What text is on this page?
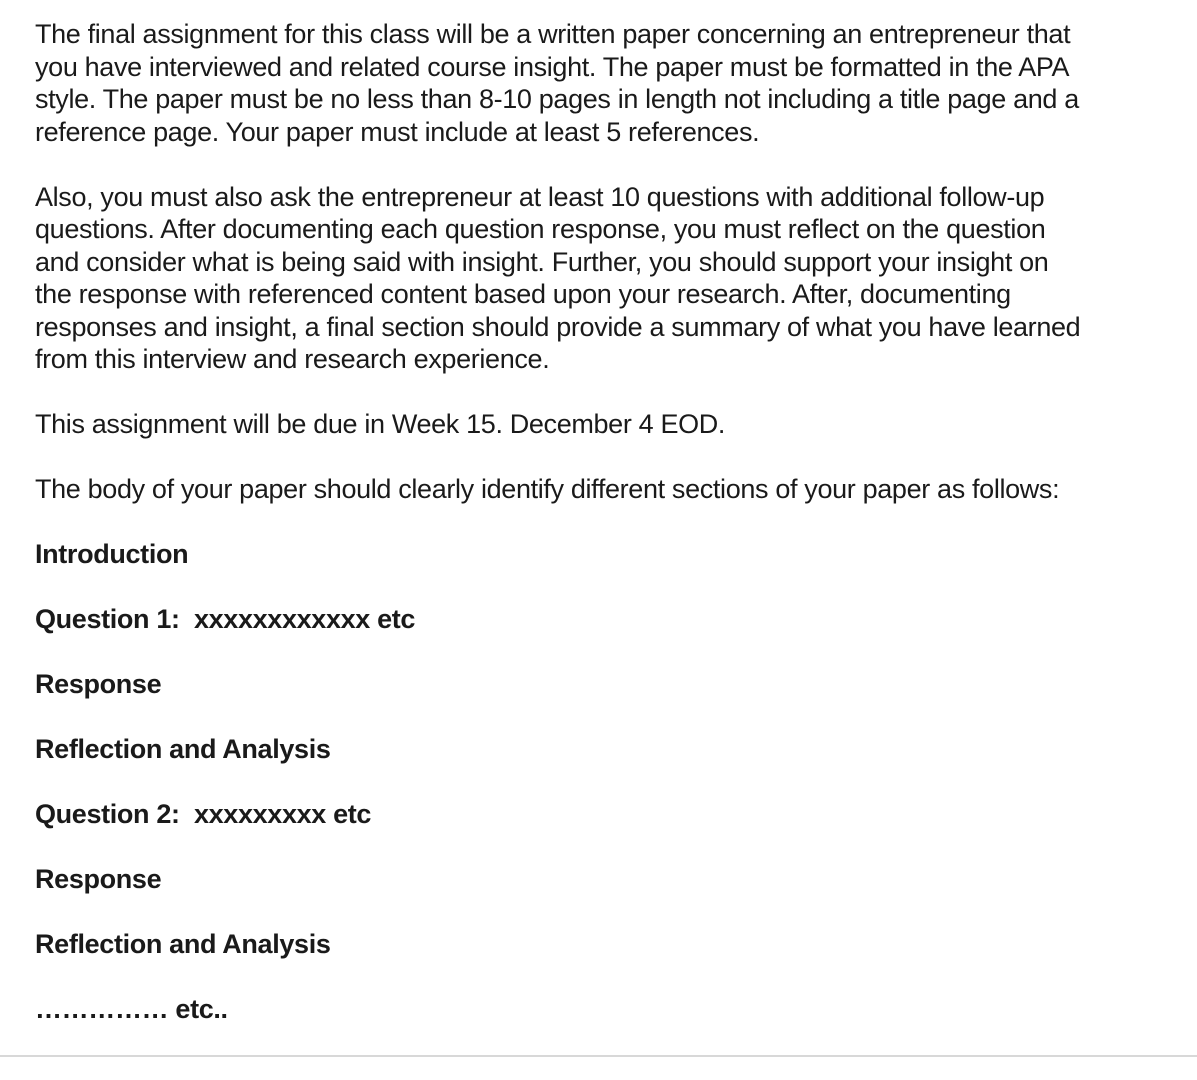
The final assignment for this class will be a written paper concerning an entrepreneur that
you have interviewed and related course insight. The paper must be formatted in the APA
style. The paper must be no less than 8-10 pages in length not including a title page and a
reference page. Your paper must include at least 5 references.

Also, you must also ask the entrepreneur at least 10 questions with additional follow-up
questions. After documenting each question response, you must reflect on the question
and consider what is being said with insight. Further, you should support your insight on
the response with referenced content based upon your research. After, documenting
responses and insight, a final section should provide a summary of what you have learned
from this interview and research experience.

This assignment will be due in Week 15. December 4 EOD.

The body of your paper should clearly identify different sections of your paper as follows:

Introduction
Question 1:  xxxxxxxxxxxx etc
Response
Reflection and Analysis
Question 2:  xxxxxxxxx etc
Response
Reflection and Analysis
…………… etc..
